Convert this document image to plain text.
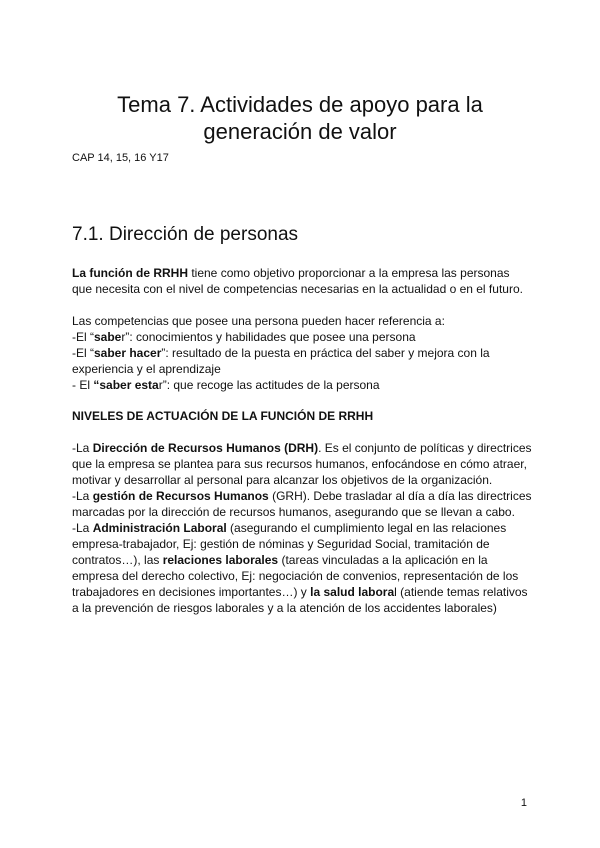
Tema 7. Actividades de apoyo para la generación de valor

CAP 14, 15, 16 Y17

7.1. Dirección de personas

La función de RRHH tiene como objetivo proporcionar a la empresa las personas que necesita con el nivel de competencias necesarias en la actualidad o en el futuro.

Las competencias que posee una persona pueden hacer referencia a:
-El “saber”: conocimientos y habilidades que posee una persona
-El “saber hacer”: resultado de la puesta en práctica del saber y mejora con la experiencia y el aprendizaje
- El “saber estar”: que recoge las actitudes de la persona

NIVELES DE ACTUACIÓN DE LA FUNCIÓN DE RRHH

-La Dirección de Recursos Humanos (DRH). Es el conjunto de políticas y directrices que la empresa se plantea para sus recursos humanos, enfocándose en cómo atraer, motivar y desarrollar al personal para alcanzar los objetivos de la organización.
-La gestión de Recursos Humanos (GRH). Debe trasladar al día a día las directrices marcadas por la dirección de recursos humanos, asegurando que se llevan a cabo.
-La Administración Laboral (asegurando el cumplimiento legal en las relaciones empresa-trabajador, Ej: gestión de nóminas y Seguridad Social, tramitación de contratos…), las relaciones laborales (tareas vinculadas a la aplicación en la empresa del derecho colectivo, Ej: negociación de convenios, representación de los trabajadores en decisiones importantes…) y la salud laboral (atiende temas relativos a la prevención de riesgos laborales y a la atención de los accidentes laborales)
1
